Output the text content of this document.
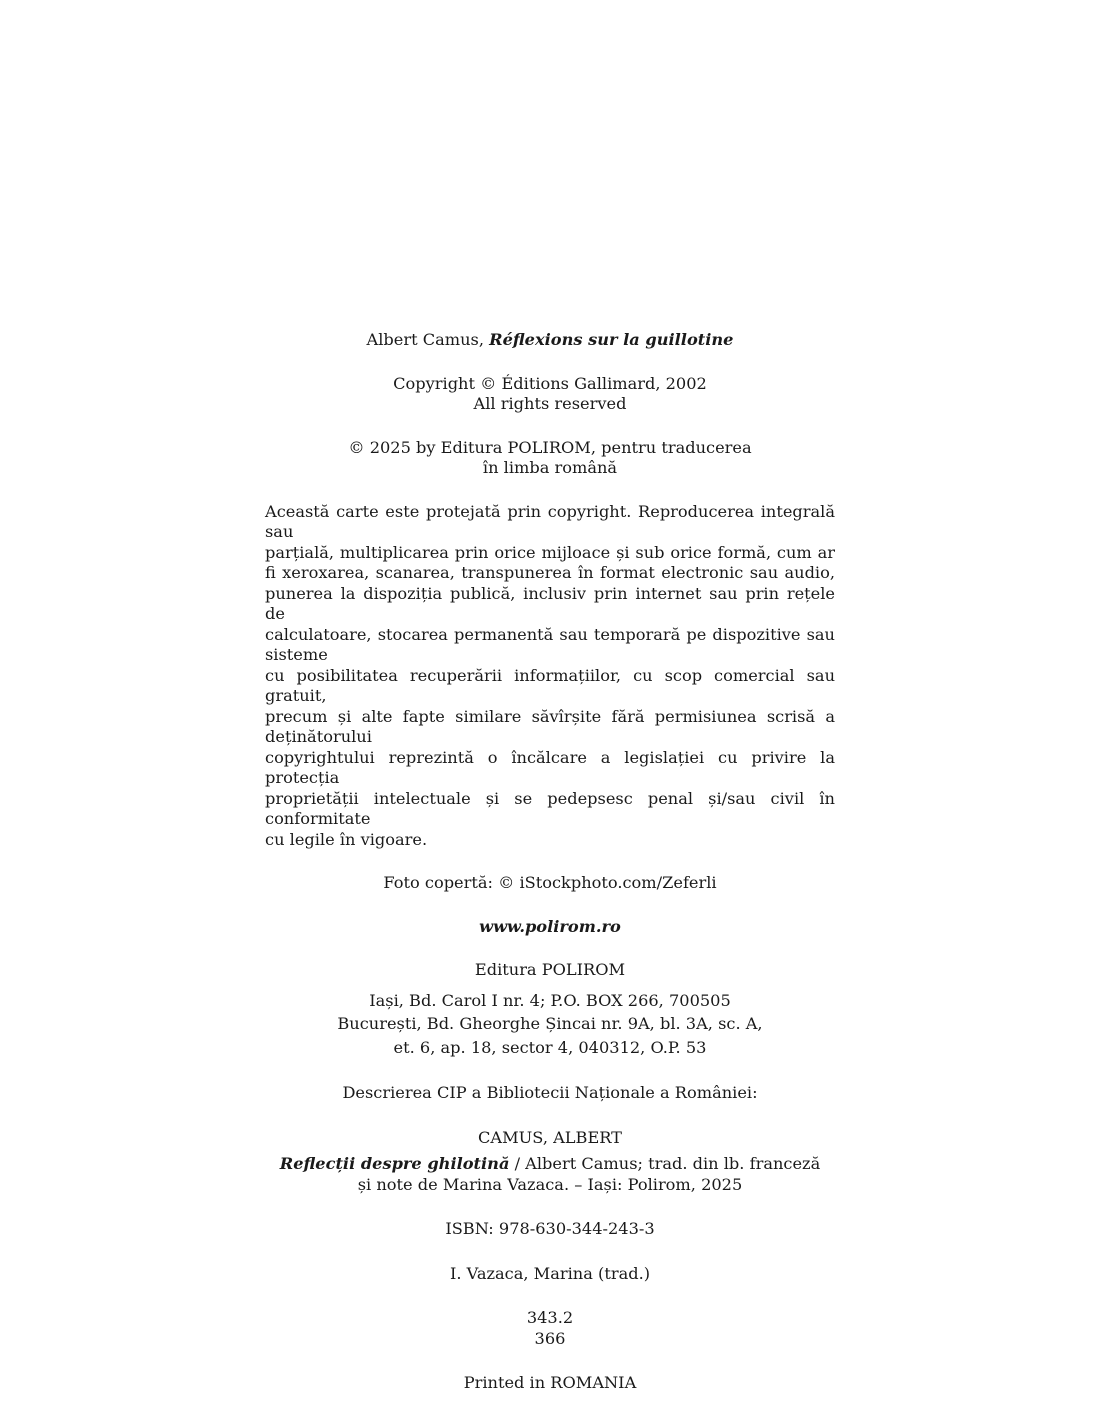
Albert Camus, Réflexions sur la guillotine

Copyright © Éditions Gallimard, 2002
All rights reserved

© 2025 by Editura POLIROM, pentru traducerea
în limba română

Această carte este protejată prin copyright. Reproducerea integrală sau
parțială, multiplicarea prin orice mijloace și sub orice formă, cum ar
fi xeroxarea, scanarea, transpunerea în format electronic sau audio,
punerea la dispoziția publică, inclusiv prin internet sau prin rețele de
calculatoare, stocarea permanentă sau temporară pe dispozitive sau sisteme
cu posibilitatea recuperării informațiilor, cu scop comercial sau gratuit,
precum și alte fapte similare săvîrșite fără permisiunea scrisă a deținătorului
copyrightului reprezintă o încălcare a legislației cu privire la protecția
proprietății intelectuale și se pedepsesc penal și/sau civil în conformitate
cu legile în vigoare.

Foto copertă: © iStockphoto.com/Zeferli

www.polirom.ro

Editura POLIROM

Iași, Bd. Carol I nr. 4; P.O. BOX 266, 700505
București, Bd. Gheorghe Șincai nr. 9A, bl. 3A, sc. A,
et. 6, ap. 18, sector 4, 040312, O.P. 53

Descrierea CIP a Bibliotecii Naționale a României:

CAMUS, ALBERT

Reflecții despre ghilotină / Albert Camus; trad. din lb. franceză
și note de Marina Vazaca. – Iași: Polirom, 2025

ISBN: 978-630-344-243-3

I. Vazaca, Marina (trad.)

343.2
366

Printed in ROMANIA
